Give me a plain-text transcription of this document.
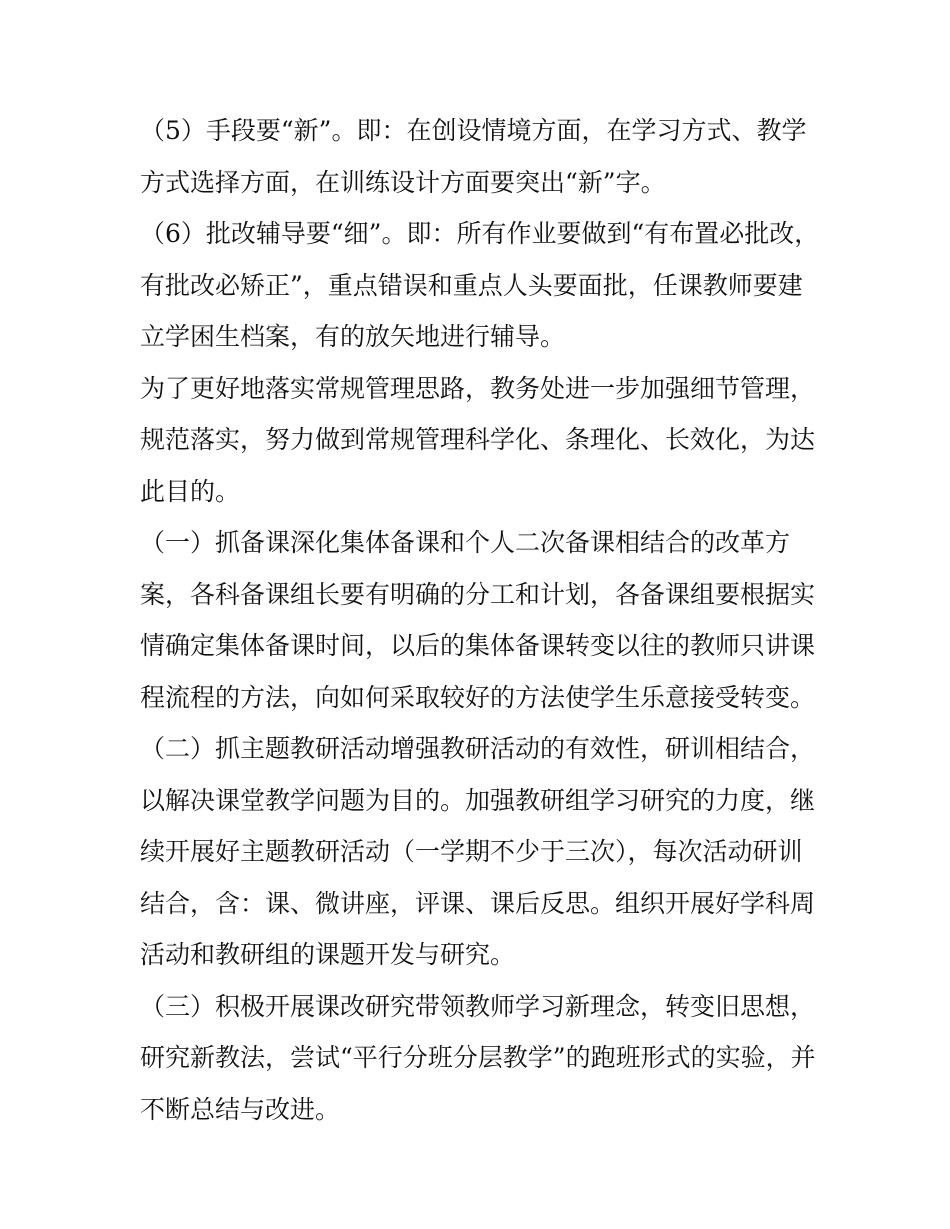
（5）手段要“新”。即：在创设情境方面，在学习方式、教学
方式选择方面，在训练设计方面要突出“新”字。

（6）批改辅导要“细”。即：所有作业要做到“有布置必批改，
有批改必矫正”，重点错误和重点人头要面批，任课教师要建
立学困生档案，有的放矢地进行辅导。

为了更好地落实常规管理思路，教务处进一步加强细节管理，
规范落实，努力做到常规管理科学化、条理化、长效化，为达
此目的。

（一）抓备课深化集体备课和个人二次备课相结合的改革方
案，各科备课组长要有明确的分工和计划，各备课组要根据实
情确定集体备课时间，以后的集体备课转变以往的教师只讲课
程流程的方法，向如何采取较好的方法使学生乐意接受转变。

（二）抓主题教研活动增强教研活动的有效性，研训相结合，
以解决课堂教学问题为目的。加强教研组学习研究的力度，继
续开展好主题教研活动（一学期不少于三次），每次活动研训
结合，含：课、微讲座，评课、课后反思。组织开展好学科周
活动和教研组的课题开发与研究。

（三）积极开展课改研究带领教师学习新理念，转变旧思想，
研究新教法，尝试“平行分班分层教学”的跑班形式的实验，并
不断总结与改进。
